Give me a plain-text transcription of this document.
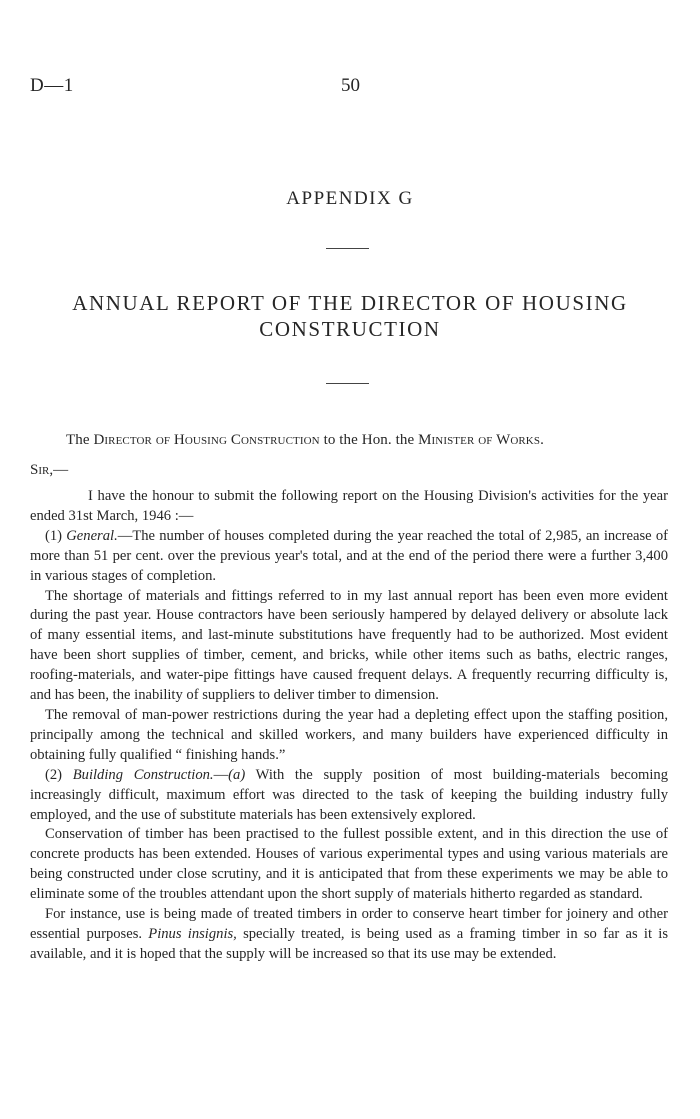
D—1	50
APPENDIX G
ANNUAL REPORT OF THE DIRECTOR OF HOUSING CONSTRUCTION
The Director of Housing Construction to the Hon. the Minister of Works.
Sir,—

I have the honour to submit the following report on the Housing Division's activities for the year ended 31st March, 1946 :—

(1) General.—The number of houses completed during the year reached the total of 2,985, an increase of more than 51 per cent. over the previous year's total, and at the end of the period there were a further 3,400 in various stages of completion.

The shortage of materials and fittings referred to in my last annual report has been even more evident during the past year. House contractors have been seriously hampered by delayed delivery or absolute lack of many essential items, and last-minute substitutions have frequently had to be authorized. Most evident have been short supplies of timber, cement, and bricks, while other items such as baths, electric ranges, roofing-materials, and water-pipe fittings have caused frequent delays. A frequently recurring difficulty is, and has been, the inability of suppliers to deliver timber to dimension.

The removal of man-power restrictions during the year had a depleting effect upon the staffing position, principally among the technical and skilled workers, and many builders have experienced difficulty in obtaining fully qualified “ finishing hands.”

(2) Building Construction.—(a) With the supply position of most building-materials becoming increasingly difficult, maximum effort was directed to the task of keeping the building industry fully employed, and the use of substitute materials has been extensively explored.

Conservation of timber has been practised to the fullest possible extent, and in this direction the use of concrete products has been extended. Houses of various experimental types and using various materials are being constructed under close scrutiny, and it is anticipated that from these experiments we may be able to eliminate some of the troubles attendant upon the short supply of materials hitherto regarded as standard.

For instance, use is being made of treated timbers in order to conserve heart timber for joinery and other essential purposes. Pinus insignis, specially treated, is being used as a framing timber in so far as it is available, and it is hoped that the supply will be increased so that its use may be extended.
